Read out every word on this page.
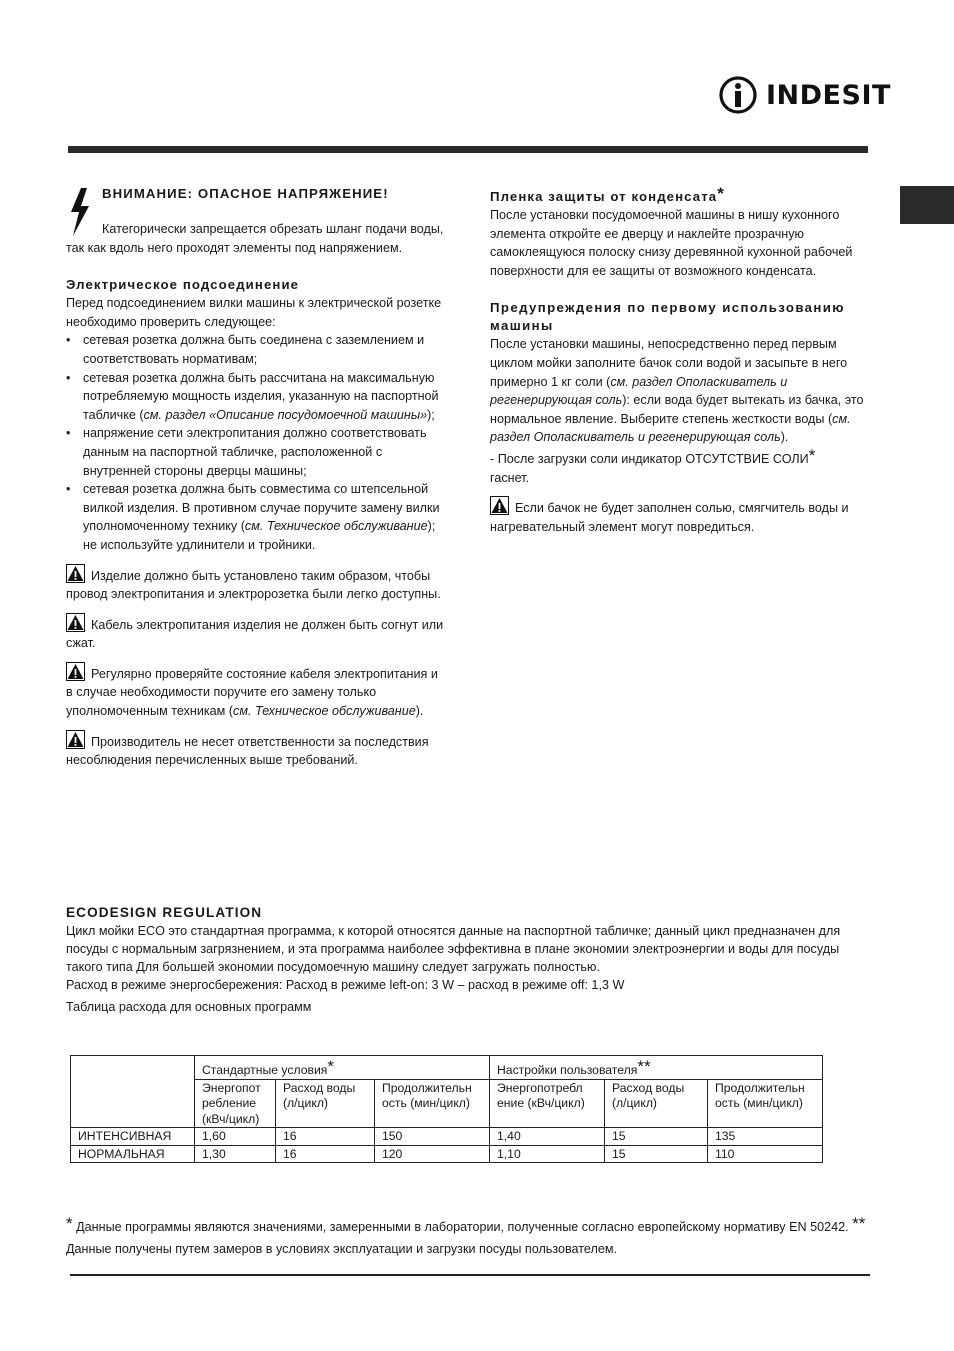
INDESIT
ВНИМАНИЕ: ОПАСНОЕ НАПРЯЖЕНИЕ!

Категорически запрещается обрезать шланг подачи воды, так как вдоль него проходят элементы под напряжением.

Электрическое подсоединение

Перед подсоединением вилки машины к электрической розетке необходимо проверить следующее:

• сетевая розетка должна быть соединена с заземлением и соответствовать нормативам;
• сетевая розетка должна быть рассчитана на максимальную потребляемую мощность изделия, указанную на паспортной табличке (см. раздел «Описание посудомоечной машины»);
• напряжение сети электропитания должно соответствовать данным на паспортной табличке, расположенной с внутренней стороны дверцы машины;
• сетевая розетка должна быть совместима со штепсельной вилкой изделия. В противном случае поручите замену вилки уполномоченному технику (см. Техническое обслуживание); не используйте удлинители и тройники.

Изделие должно быть установлено таким образом, чтобы провод электропитания и электророзетка были легко доступны.

Кабель электропитания изделия не должен быть согнут или сжат.

Регулярно проверяйте состояние кабеля электропитания и в случае необходимости поручите его замену только уполномоченным техникам (см. Техническое обслуживание).

Производитель не несет ответственности за последствия несоблюдения перечисленных выше требований.

Пленка защиты от конденсата*

После установки посудомоечной машины в нишу кухонного элемента откройте ее дверцу и наклейте прозрачную самоклеящуюся полоску снизу деревянной кухонной рабочей поверхности для ее защиты от возможного конденсата.

Предупреждения по первому использованию машины

После установки машины, непосредственно перед первым циклом мойки заполните бачок соли водой и засыпьте в него примерно 1 кг соли (см. раздел Ополаскиватель и регенерирующая соль): если вода будет вытекать из бачка, это нормальное явление. Выберите степень жесткости воды (см. раздел Ополаскиватель и регенерирующая соль).

- После загрузки соли индикатор ОТСУТСТВИЕ СОЛИ*
гаснет.

Если бачок не будет заполнен солью, смягчитель воды и нагревательный элемент могут повредиться.

ECODESIGN REGULATION

Цикл мойки ECO это стандартная программа, к которой относятся данные на паспортной табличке; данный цикл предназначен для посуды с нормальным загрязнением, и эта программа наиболее эффективна в плане экономии электроэнергии и воды для посуды такого типа Для большей экономии посудомоечную машину следует загружать полностью.

Расход в режиме энергосбережения: Расход в режиме left-on: 3 W – расход в режиме off: 1,3 W

Таблица расхода для основных программ

	Стандартные условия*			Настройки пользователя**		
	Энергопот ребление (кВч/цикл)	Расход воды (л/цикл)	Продолжительн ость (мин/цикл)	Энергопотребл ение (кВч/цикл)	Расход воды (л/цикл)	Продолжительн ость (мин/цикл)
ИНТЕНСИВНАЯ	1,60	16	150	1,40	15	135
НОРМАЛЬНАЯ	1,30	16	120	1,10	15	110
* Данные программы являются значениями, замеренными в лаборатории, полученные согласно европейскому нормативу EN 50242. ** Данные получены путем замеров в условиях эксплуатации и загрузки посуды пользователем.
